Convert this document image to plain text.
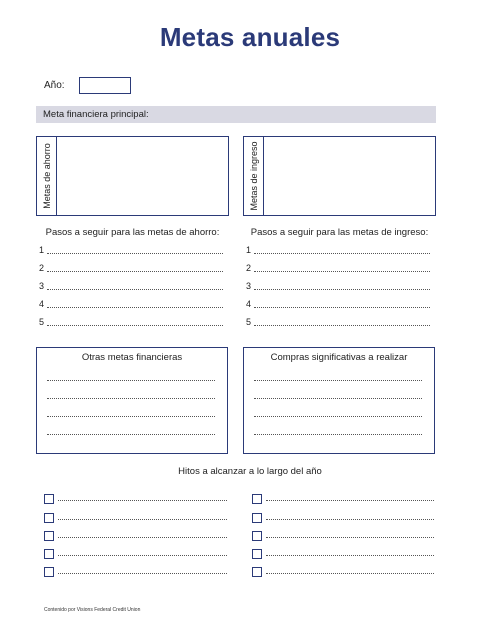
Metas anuales
Año:
Meta financiera principal:
Metas de ahorro	Metas de ingreso
Pasos a seguir para las metas de ahorro:	Pasos a seguir para las metas de ingreso:
1
2
3
4
5
1
2
3
4
5
Otras metas financieras	Compras significativas a realizar
Hitos a alcanzar a lo largo del año
Contenido por Visions Federal Credit Union
